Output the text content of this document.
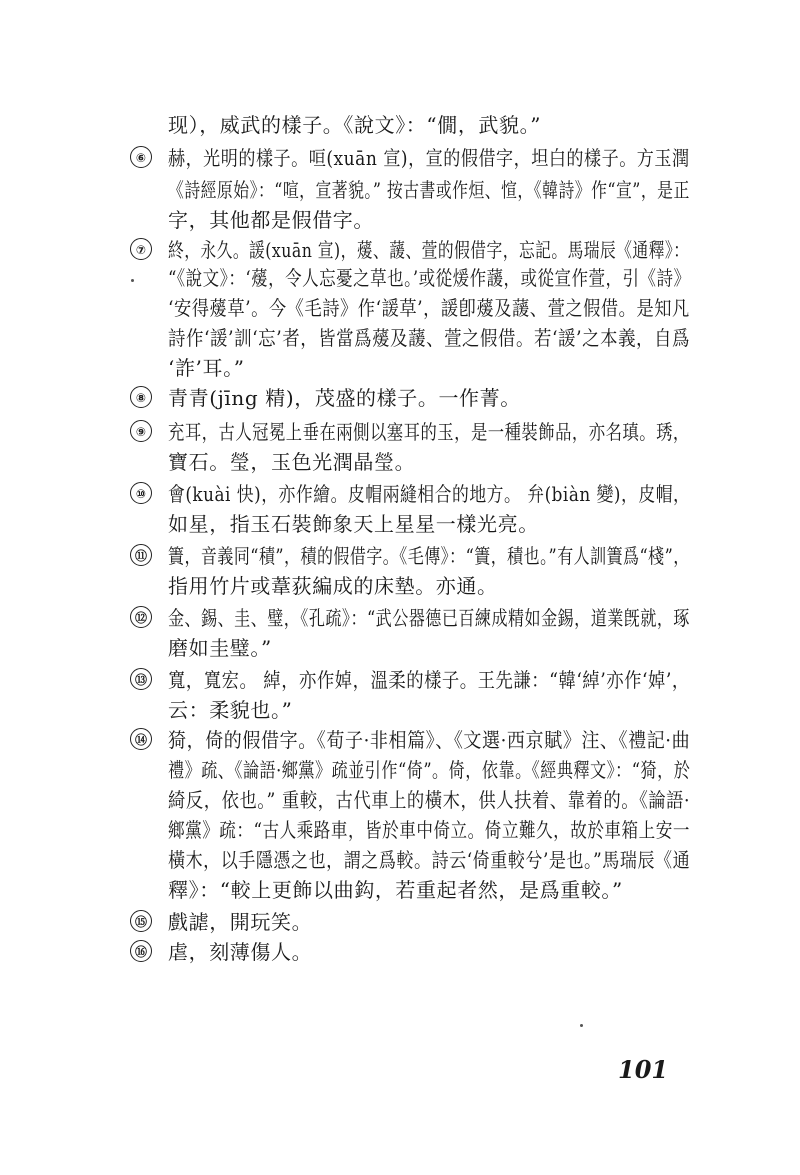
现），威武的樣子。《說文》：“僩，武貌。”
⑥ 赫，光明的樣子。咺(xuān 宣)，宣的假借字，坦白的樣子。方玉潤
《詩經原始》：“喧，宣著貌。” 按古書或作烜、愃，《韓詩》作“宣”，是正
字，其他都是假借字。
⑦ 終，永久。諼(xuān 宣)，蕿、蘐、萱的假借字，忘記。馬瑞辰《通釋》：
“《說文》：‘蕿，令人忘憂之草也。’或從煖作蘐，或從宣作萱，引《詩》
‘安得蕿草’。今《毛詩》作‘諼草’，諼卽蕿及蘐、萱之假借。是知凡
詩作‘諼’訓‘忘’者，皆當爲蕿及蘐、萱之假借。若‘諼’之本義，自爲
‘詐’耳。”
⑧ 青青(jīng 精)，茂盛的樣子。一作菁。
⑨ 充耳，古人冠冕上垂在兩側以塞耳的玉，是一種裝飾品，亦名瑱。琇，
寶石。瑩，玉色光潤晶瑩。
⑩ 會(kuài 快)，亦作繪。皮帽兩縫相合的地方。 弁(biàn 變)，皮帽，
如星，指玉石裝飾象天上星星一樣光亮。
⑪ 簀，音義同“積”，積的假借字。《毛傳》：“簀，積也。”有人訓簀爲“棧”，
指用竹片或葦荻編成的床墊。亦通。
⑫ 金、錫、圭、璧，《孔疏》：“武公器德已百練成精如金錫，道業旣就，琢
磨如圭璧。”
⑬ 寬，寬宏。 綽，亦作婥，溫柔的樣子。王先謙：“韓‘綽’亦作‘婥’，
云：柔貌也。”
⑭ 猗，倚的假借字。《荀子·非相篇》、《文選·西京賦》注、《禮記·曲
禮》疏、《論語·鄉黨》疏並引作“倚”。倚，依靠。《經典釋文》：“猗，於
綺反，依也。” 重較，古代車上的橫木，供人扶着、靠着的。《論語·
鄉黨》疏：“古人乘路車，皆於車中倚立。倚立難久，故於車箱上安一
橫木，以手隱憑之也，謂之爲較。詩云‘倚重較兮’是也。”馬瑞辰《通
釋》：“較上更飾以曲鈎，若重起者然，是爲重較。”
⑮ 戲謔，開玩笑。
⑯ 虐，刻薄傷人。
101
